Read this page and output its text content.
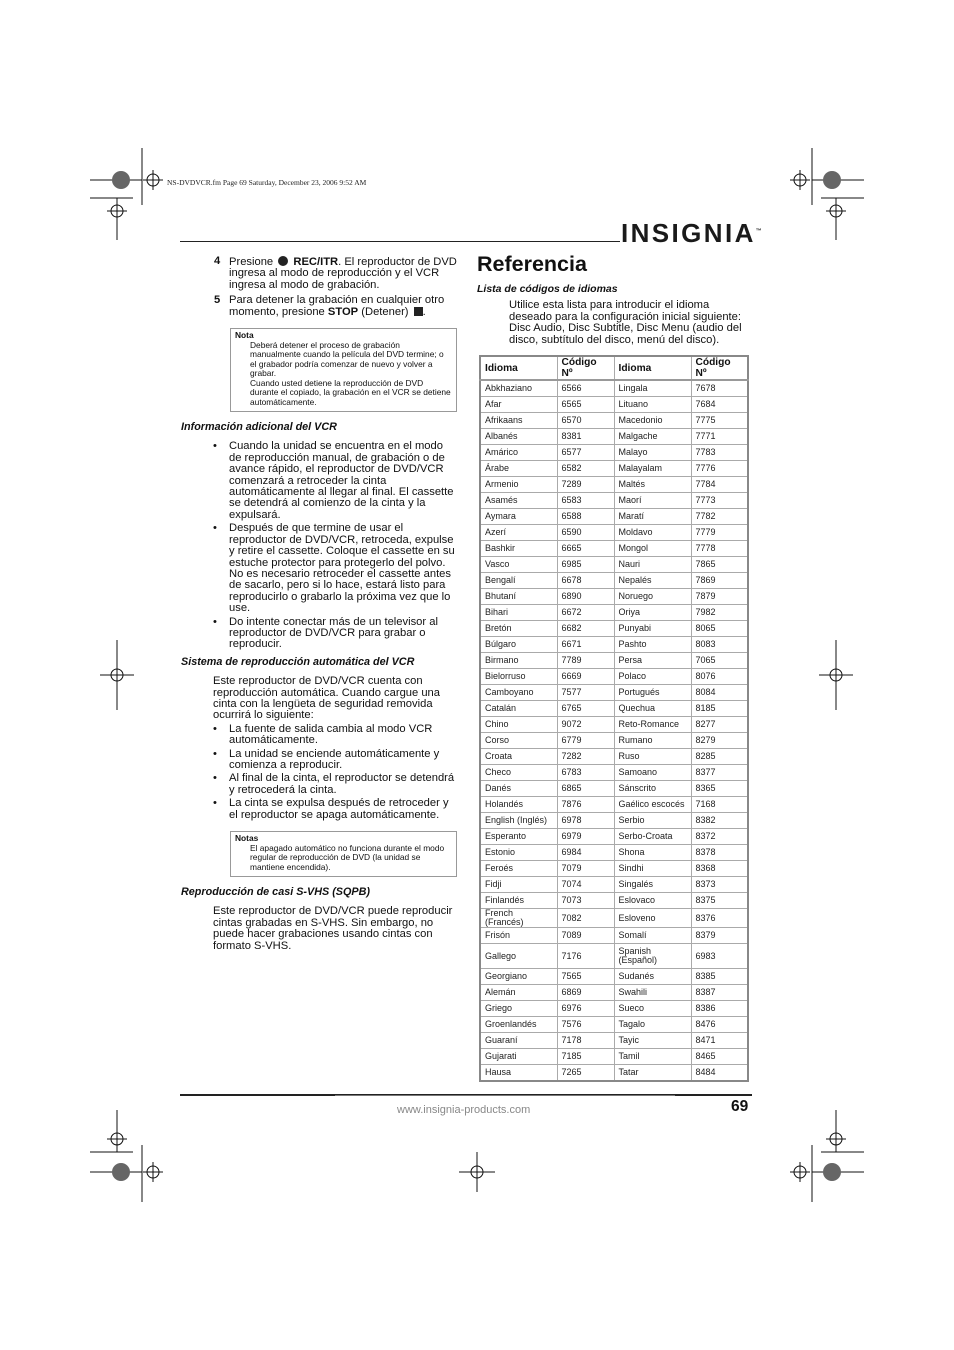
NS-DVDVCR.fm Page 69 Saturday, December 23, 2006 9:52 AM
INSIGNIA™
4 Presione REC/ITR. El reproductor de DVD ingresa al modo de reproducción y el VCR ingresa al modo de grabación.
5 Para detener la grabación en cualquier otro momento, presione STOP (Detener) .
Nota
Deberá detener el proceso de grabación manualmente cuando la película del DVD termine; o el grabador podría comenzar de nuevo y volver a grabar.
Cuando usted detiene la reproducción de DVD durante el copiado, la grabación en el VCR se detiene automáticamente.
Información adicional del VCR
• Cuando la unidad se encuentra en el modo de reproducción manual, de grabación o de avance rápido, el reproductor de DVD/VCR comenzará a retroceder la cinta automáticamente al llegar al final. El cassette se detendrá al comienzo de la cinta y la expulsará.
• Después de que termine de usar el reproductor de DVD/VCR, retroceda, expulse y retire el cassette. Coloque el cassette en su estuche protector para protegerlo del polvo. No es necesario retroceder el cassette antes de sacarlo, pero si lo hace, estará listo para reproducirlo o grabarlo la próxima vez que lo use.
• Do intente conectar más de un televisor al reproductor de DVD/VCR para grabar o reproducir.
Sistema de reproducción automática del VCR
Este reproductor de DVD/VCR cuenta con reproducción automática. Cuando cargue una cinta con la lengüeta de seguridad removida ocurrirá lo siguiente:
• La fuente de salida cambia al modo VCR automáticamente.
• La unidad se enciende automáticamente y comienza a reproducir.
• Al final de la cinta, el reproductor se detendrá y retrocederá la cinta.
• La cinta se expulsa después de retroceder y el reproductor se apaga automáticamente.
Notas
El apagado automático no funciona durante el modo regular de reproducción de DVD (la unidad se mantiene encendida).
Reproducción de casi S-VHS (SQPB)
Este reproductor de DVD/VCR puede reproducir cintas grabadas en S-VHS. Sin embargo, no puede hacer grabaciones usando cintas con formato S-VHS.
Referencia
Lista de códigos de idiomas
Utilice esta lista para introducir el idioma deseado para la configuración inicial siguiente: Disc Audio, Disc Subtitle, Disc Menu (audio del disco, subtítulo del disco, menú del disco).
Idioma	Código Nº	Idioma	Código Nº
Abkhaziano	6566	Lingala	7678
Afar	6565	Lituano	7684
Afrikaans	6570	Macedonio	7775
Albanés	8381	Malgache	7771
Amárico	6577	Malayo	7783
Árabe	6582	Malayalam	7776
Armenio	7289	Maltés	7784
Asamés	6583	Maorí	7773
Aymara	6588	Maratí	7782
Azerí	6590	Moldavo	7779
Bashkir	6665	Mongol	7778
Vasco	6985	Nauri	7865
Bengalí	6678	Nepalés	7869
Bhutaní	6890	Noruego	7879
Bihari	6672	Oriya	7982
Bretón	6682	Punyabi	8065
Búlgaro	6671	Pashto	8083
Birmano	7789	Persa	7065
Bielorruso	6669	Polaco	8076
Camboyano	7577	Portugués	8084
Catalán	6765	Quechua	8185
Chino	9072	Reto-Romance	8277
Corso	6779	Rumano	8279
Croata	7282	Ruso	8285
Checo	6783	Samoano	8377
Danés	6865	Sánscrito	8365
Holandés	7876	Gaélico escocés	7168
English (Inglés)	6978	Serbio	8382
Esperanto	6979	Serbo-Croata	8372
Estonio	6984	Shona	8378
Feroés	7079	Sindhi	8368
Fidji	7074	Singalés	8373
Finlandés	7073	Eslovaco	8375
French (Francés)	7082	Esloveno	8376
Frisón	7089	Somalí	8379
Gallego	7176	Spanish (Español)	6983
Georgiano	7565	Sudanés	8385
Alemán	6869	Swahili	8387
Griego	6976	Sueco	8386
Groenlandés	7576	Tagalo	8476
Guaraní	7178	Tayic	8471
Gujarati	7185	Tamil	8465
Hausa	7265	Tatar	8484
www.insignia-products.com	69
